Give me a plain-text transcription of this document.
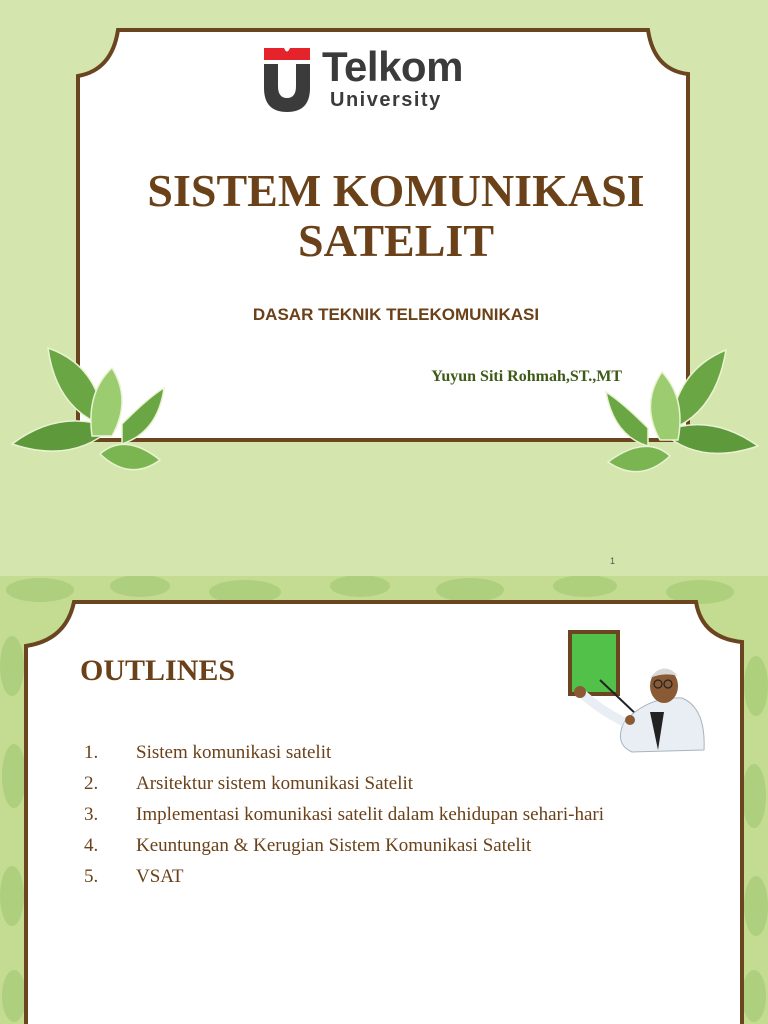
Telkom
University
SISTEM KOMUNIKASI
SATELIT
DASAR TEKNIK TELEKOMUNIKASI
Yuyun Siti Rohmah,ST.,MT
1
OUTLINES
1.	Sistem komunikasi satelit
2.	Arsitektur sistem komunikasi Satelit
3.	Implementasi komunikasi satelit dalam kehidupan sehari-hari
4.	Keuntungan & Kerugian Sistem Komunikasi Satelit
5.	VSAT
